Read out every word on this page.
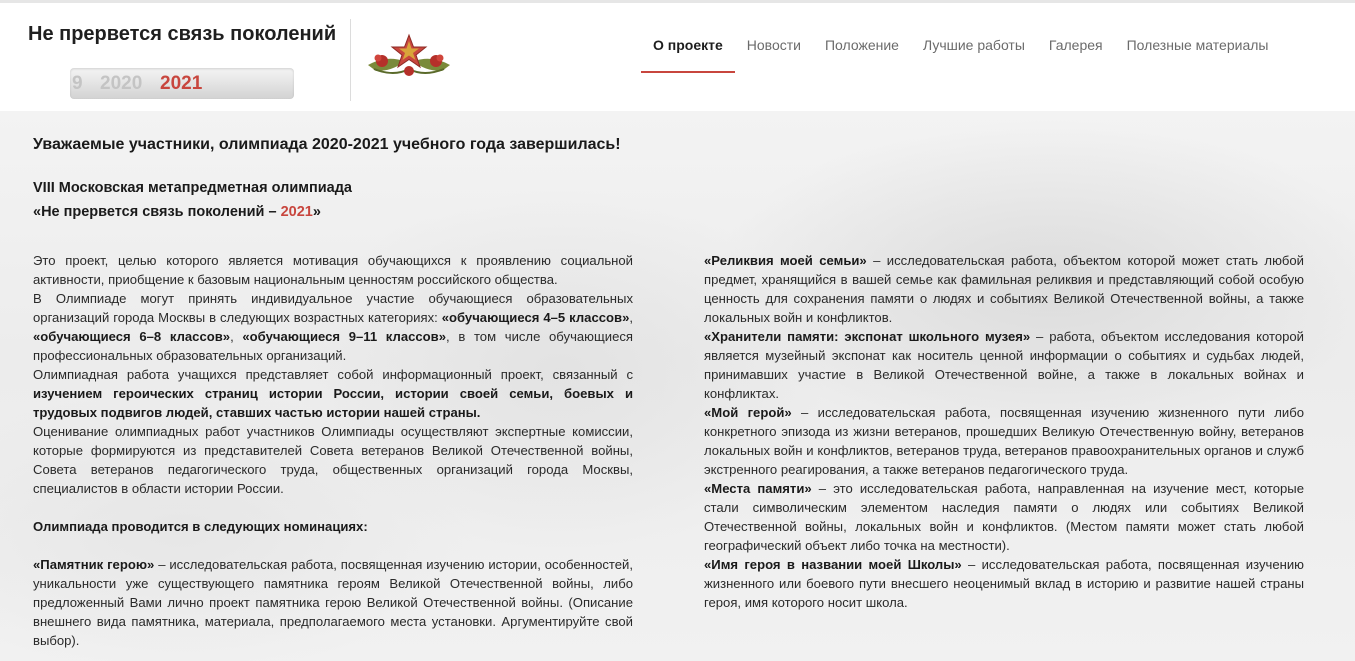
Не прервется связь поколений
9 2020 2021
О проекте	Новости	Положение	Лучшие работы	Галерея	Полезные материалы
Уважаемые участники, олимпиада 2020-2021 учебного года завершилась!
VIII Московская метапредметная олимпиада
«Не прервется связь поколений – 2021»

Это проект, целью которого является мотивация обучающихся к проявлению социальной активности, приобщение к базовым национальным ценностям российского общества.

В Олимпиаде могут принять индивидуальное участие обучающиеся образовательных организаций города Москвы в следующих возрастных категориях: «обучающиеся 4–5 классов», «обучающиеся 6–8 классов», «обучающиеся 9–11 классов», в том числе обучающиеся профессиональных образовательных организаций.

Олимпиадная работа учащихся представляет собой информационный проект, связанный с изучением героических страниц истории России, истории своей семьи, боевых и трудовых подвигов людей, ставших частью истории нашей страны.

Оценивание олимпиадных работ участников Олимпиады осуществляют экспертные комиссии, которые формируются из представителей Совета ветеранов Великой Отечественной войны, Совета ветеранов педагогического труда, общественных организаций города Москвы, специалистов в области истории России.

Олимпиада проводится в следующих номинациях:

«Памятник герою» – исследовательская работа, посвященная изучению истории, особенностей, уникальности уже существующего памятника героям Великой Отечественной войны, либо предложенный Вами лично проект памятника герою Великой Отечественной войны. (Описание внешнего вида памятника, материала, предполагаемого места установки. Аргументируйте свой выбор).

«Реликвия моей семьи» – исследовательская работа, объектом которой может стать любой предмет, хранящийся в вашей семье как фамильная реликвия и представляющий собой особую ценность для сохранения памяти о людях и событиях Великой Отечественной войны, а также локальных войн и конфликтов.

«Хранители памяти: экспонат школьного музея» – работа, объектом исследования которой является музейный экспонат как носитель ценной информации о событиях и судьбах людей, принимавших участие в Великой Отечественной войне, а также в локальных войнах и конфликтах.

«Мой герой» – исследовательская работа, посвященная изучению жизненного пути либо конкретного эпизода из жизни ветеранов, прошедших Великую Отечественную войну, ветеранов локальных войн и конфликтов, ветеранов труда, ветеранов правоохранительных органов и служб экстренного реагирования, а также ветеранов педагогического труда.

«Места памяти» – это исследовательская работа, направленная на изучение мест, которые стали символическим элементом наследия памяти о людях или событиях Великой Отечественной войны, локальных войн и конфликтов. (Местом памяти может стать любой географический объект либо точка на местности).

«Имя героя в названии моей Школы» – исследовательская работа, посвященная изучению жизненного или боевого пути внесшего неоценимый вклад в историю и развитие нашей страны героя, имя которого носит школа.
